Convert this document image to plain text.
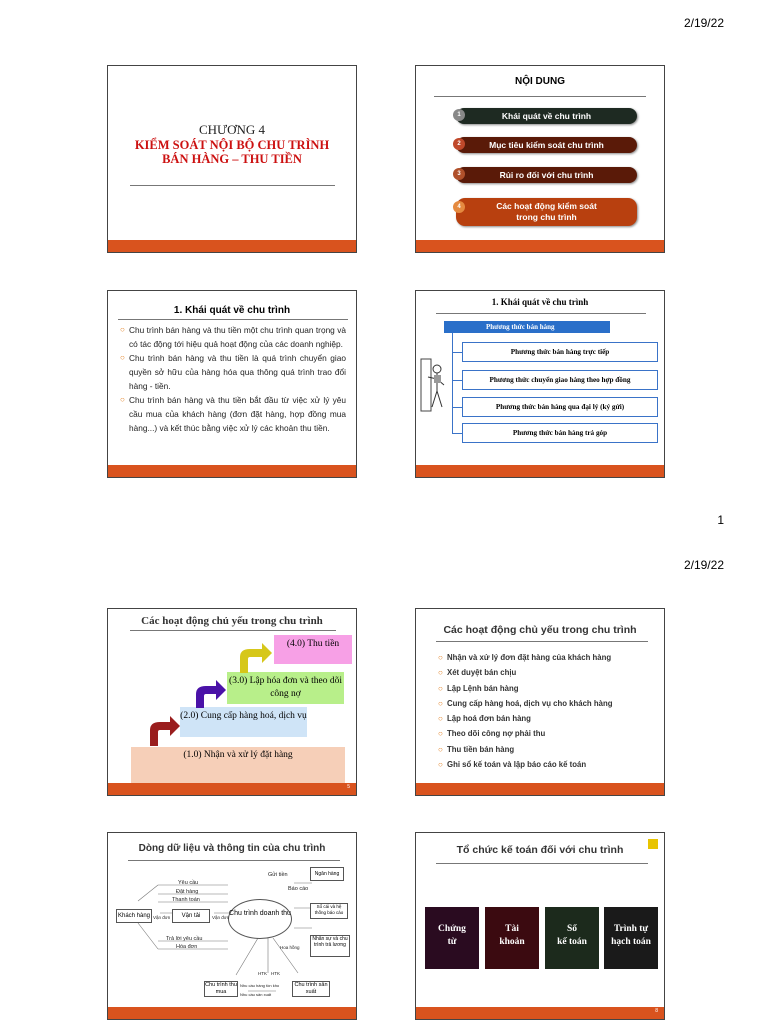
2/19/22
CHƯƠNG 4
KIỂM SOÁT NỘI BỘ CHU TRÌNH
BÁN HÀNG – THU TIỀN
NỘI DUNG
1	Khái quát về chu trình
2	Mục tiêu kiểm soát chu trình
3	Rủi ro đối với chu trình
4	Các hoạt động kiểm soát trong chu trình
1. Khái quát về chu trình
○ Chu trình bán hàng và thu tiền một chu trình quan trọng và có tác động tới hiệu quả hoạt động của các doanh nghiệp.
○ Chu trình bán hàng và thu tiền là quá trình chuyển giao quyền sở hữu của hàng hóa qua thông quá trình trao đổi hàng - tiền.
○ Chu trình bán hàng và thu tiền bắt đầu từ việc xử lý yêu cầu mua của khách hàng (đơn đặt hàng, hợp đồng mua hàng...) và kết thúc bằng việc xử lý các khoản thu tiền.
1. Khái quát về chu trình
Phương thức bán hàng
Phương thức bán hàng trực tiếp
Phương thức chuyển giao hàng theo hợp đồng
Phương thức bán hàng qua đại lý (ký gửi)
Phương thức bán hàng trả góp
1
2/19/22
Các hoạt động chủ yếu trong chu trình
(1.0) Nhận và xử lý đặt hàng
(2.0) Cung cấp hàng hoá, dịch vụ
(3.0) Lập hóa đơn và theo dõi công nợ
(4.0) Thu tiền
5
Các hoạt động chủ yếu trong chu trình
○ Nhận và xử lý đơn đặt hàng của khách hàng
○ Xét duyệt bán chịu
○ Lập Lệnh bán hàng
○ Cung cấp hàng hoá, dịch vụ cho khách hàng
○ Lập hoá đơn bán hàng
○ Theo dõi công nợ phải thu
○ Thu tiền bán hàng
○ Ghi sổ kế toán và lập báo cáo kế toán
Dòng dữ liệu và thông tin của chu trình
Khách hàng	Vận tải	Chu trình doanh thu
Ngân hàng
Sổ cái và hệ thống báo cáo
Nhân sự và chu trình trả lương
Chu trình thu mua
Chu trình sản xuất
Yêu cầu
Đặt hàng
Thanh toán
Trả lời yêu cầu
Hóa đơn
Vận đơn	Vận đơn
Gửi tiền
Báo cáo
Nhu cầu hàng tồn kho
HTK HTK
Hoa hồng
Nhu cầu sản xuất
Tổ chức kế toán đối với chu trình
Chứng
từ
Tài
khoản
Sổ
kế toán
Trình tự
hạch toán
8
